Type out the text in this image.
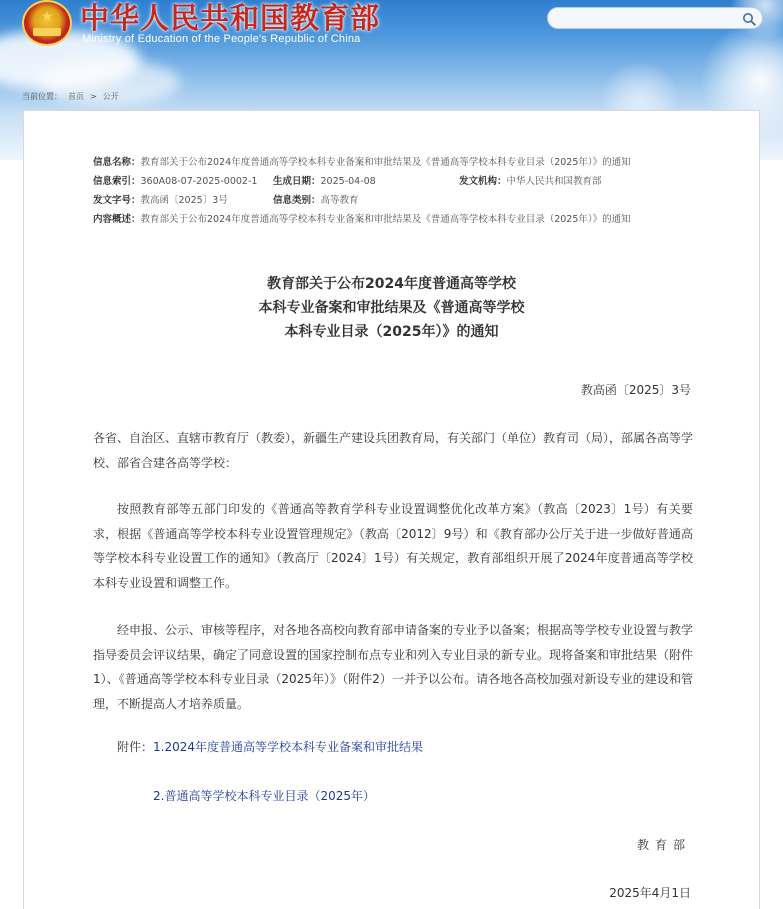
★ 中华人民共和国教育部
Ministry of Education of the People's Republic of China
当前位置： 首页 > 公开
信息名称： 教育部关于公布2024年度普通高等学校本科专业备案和审批结果及《普通高等学校本科专业目录（2025年）》的通知
信息索引：360A08-07-2025-0002-1	生成日期：2025-04-08	发文机构：中华人民共和国教育部
发文字号：教高函〔2025〕3号	信息类别：高等教育
内容概述： 教育部关于公布2024年度普通高等学校本科专业备案和审批结果及《普通高等学校本科专业目录（2025年）》的通知
教育部关于公布2024年度普通高等学校
本科专业备案和审批结果及《普通高等学校
本科专业目录（2025年）》的通知
教高函〔2025〕3号
各省、自治区、直辖市教育厅（教委），新疆生产建设兵团教育局，有关部门（单位）教育司（局），部属各高等学校、部省合建各高等学校：
按照教育部等五部门印发的《普通高等教育学科专业设置调整优化改革方案》（教高〔2023〕1号）有关要求，根据《普通高等学校本科专业设置管理规定》（教高〔2012〕9号）和《教育部办公厅关于进一步做好普通高等学校本科专业设置工作的通知》（教高厅〔2024〕1号）有关规定，教育部组织开展了2024年度普通高等学校本科专业设置和调整工作。
经申报、公示、审核等程序，对各地各高校向教育部申请备案的专业予以备案；根据高等学校专业设置与教学指导委员会评议结果，确定了同意设置的国家控制布点专业和列入专业目录的新专业。现将备案和审批结果（附件1）、《普通高等学校本科专业目录（2025年）》（附件2）一并予以公布。请各地各高校加强对新设专业的建设和管理，不断提高人才培养质量。
附件：1.2024年度普通高等学校本科专业备案和审批结果
2.普通高等学校本科专业目录（2025年）
教育部
2025年4月1日
